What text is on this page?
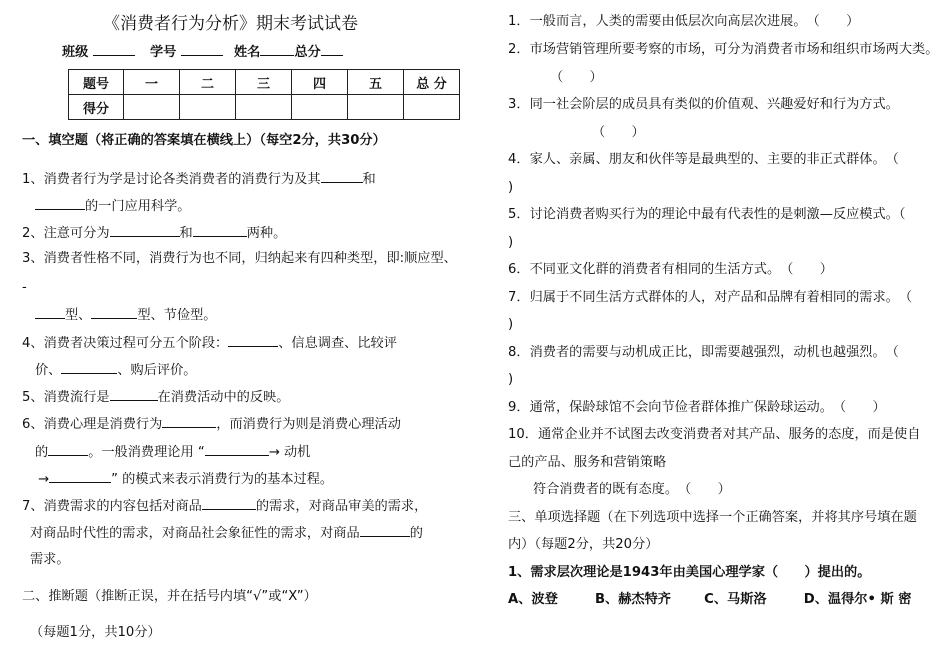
《消费者行为分析》期末考试试卷
班级	学号	姓名	总分
题号	一	二	三	四	五	总 分
得分						
一、填空题（将正确的答案填在横线上）（每空2分，共30分）
1、消费者行为学是讨论各类消费者的消费行为及其	和
的一门应用科学。
2、注意可分为	和	两种。
3、消费者性格不同，消费行为也不同，归纳起来有四种类型，即:顺应型、
-
型、	型、节俭型。
4、消费者决策过程可分五个阶段：	、信息调查、比较评
价、	、购后评价。
5、消费流行是	在消费活动中的反映。
6、消费心理是消费行为	，而消费行为则是消费心理活动
的	。一般消费理论用 “	→ 动机
→	” 的模式来表示消费行为的基本过程。
7、消费需求的内容包括对商品	的需求，对商品审美的需求，
对商品时代性的需求，对商品社会象征性的需求，对商品	的
需求。
二、推断题（推断正误，并在括号内填“√”或“X”）
（每题1分，共10分）
1．一般而言，人类的需要由低层次向高层次进展。　（　　）
2．市场营销管理所要考察的市场，可分为消费者市场和组织市场两大类。
（　　）
3．同一社会阶层的成员具有类似的价值观、兴趣爱好和行为方式。
（　　）
4．家人、亲属、朋友和伙伴等是最典型的、主要的非正式群体。　（
)
5．讨论消费者购买行为的理论中最有代表性的是刺激—反应模式。（
)
6．不同亚文化群的消费者有相同的生活方式。　（　　）
7．归属于不同生活方式群体的人，对产品和品牌有着相同的需求。　（
)
8．消费者的需要与动机成正比，即需要越强烈，动机也越强烈。　（
)
9．通常，保龄球馆不会向节俭者群体推广保龄球运动。　（　　）
10．通常企业并不试图去改变消费者对其产品、服务的态度，而是使自
己的产品、服务和营销策略
符合消费者的既有态度。　（　　）
三、单项选择题（在下列选项中选择一个正确答案，并将其序号填在题
内）（每题2分，共20分）
1、需求层次理论是1943年由美国心理学家（　　）提出的。
A、波登	B、赫杰特齐	C、马斯洛	D、温得尔• 斯 密
